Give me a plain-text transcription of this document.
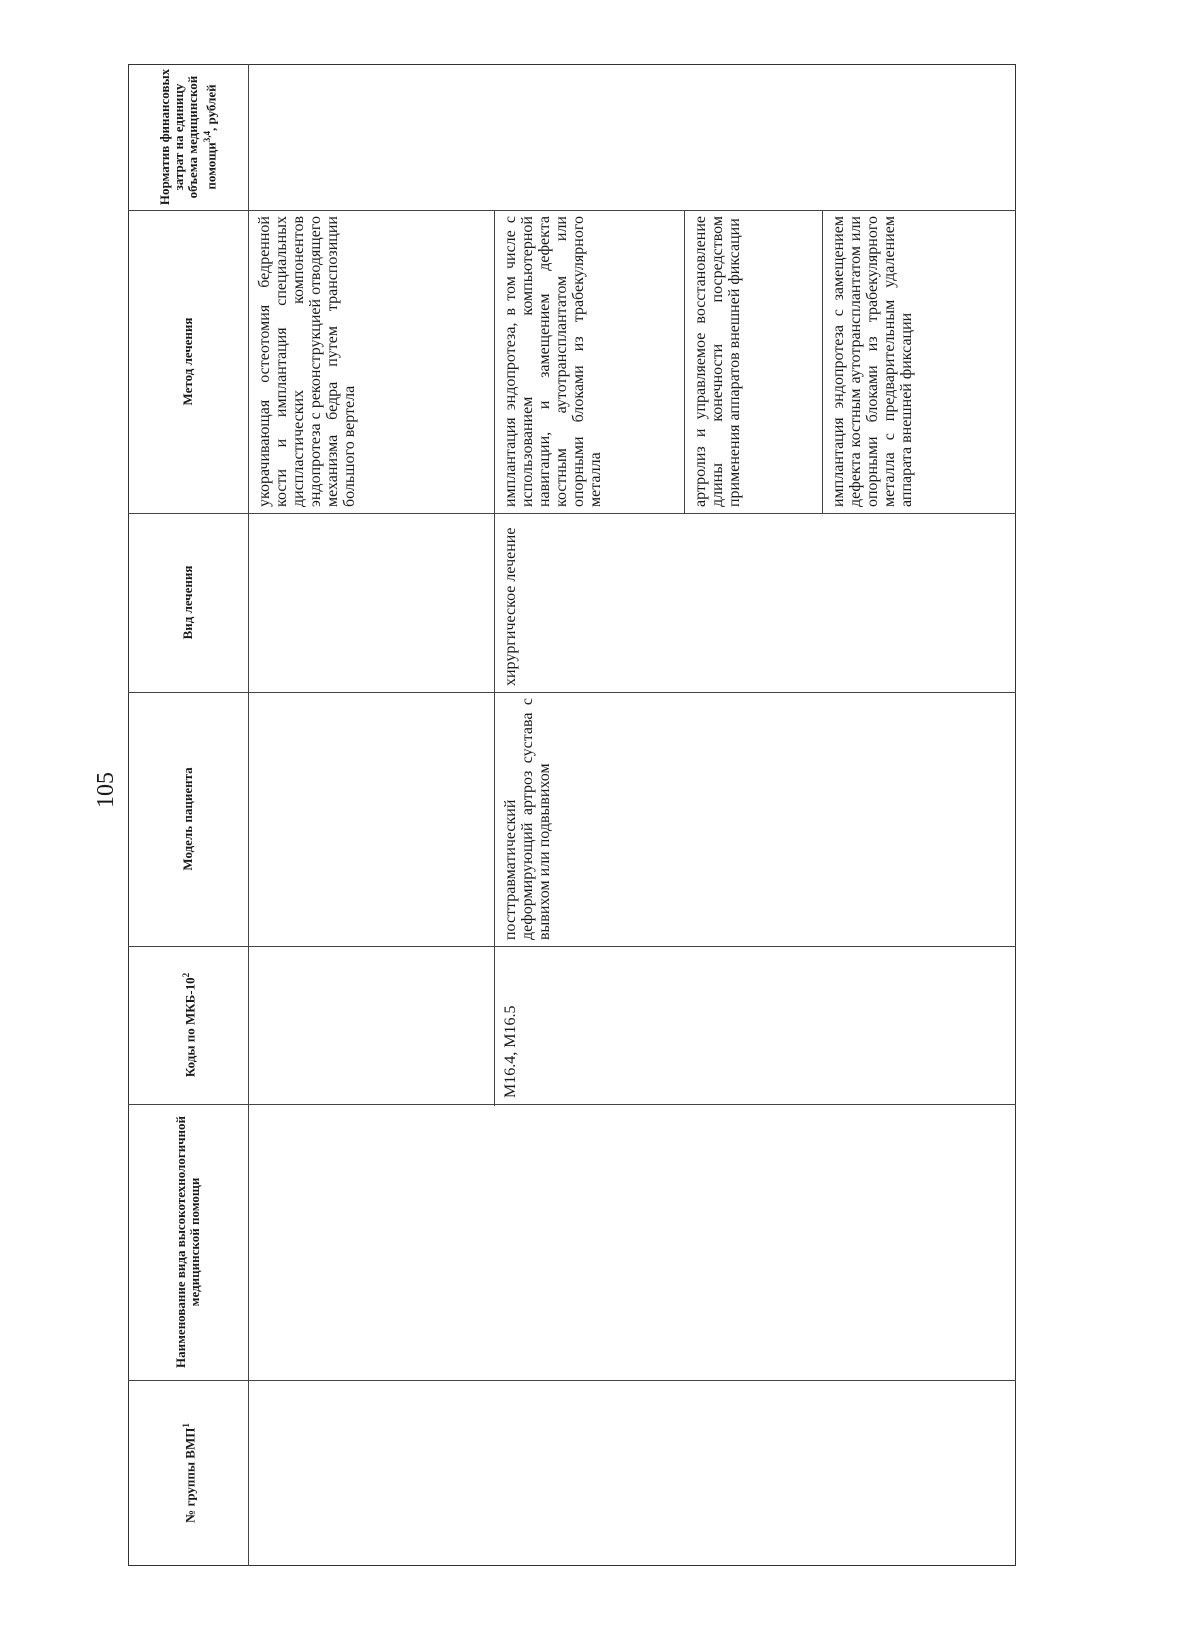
105
Норматив финансовых затрат на единицу объема медицинской помощи$^{3,4}$, рублей
Метод лечения
Вид лечения
Модель пациента
Коды по МКБ-$10^2$
Наименование вида высокотехнологичной медицинской помощи
№ группы ВМП$^1$
укорачивающая остеотомия бедренной кости и имплантация специальных диспластических компонентов эндопротеза с реконструкцией отводящего механизма бедра путем транспозиции большого вертела
M16.4, M16.5
посттравматический деформирующий артроз сустава с вывихом или подвывихом
хирургическое лечение
имплантация эндопротеза, в том числе с использованием компьютерной навигации, и замещением дефекта костным аутотрансплантатом или опорными блоками из трабекулярного металла	артролиз и управляемое восстановление длины конечности посредством применения аппаратов внешней фиксации	имплантация эндопротеза с замещением дефекта костным аутотрансплантатом или опорными блоками из трабекулярного металла с предварительным удалением аппарата внешней фиксации
